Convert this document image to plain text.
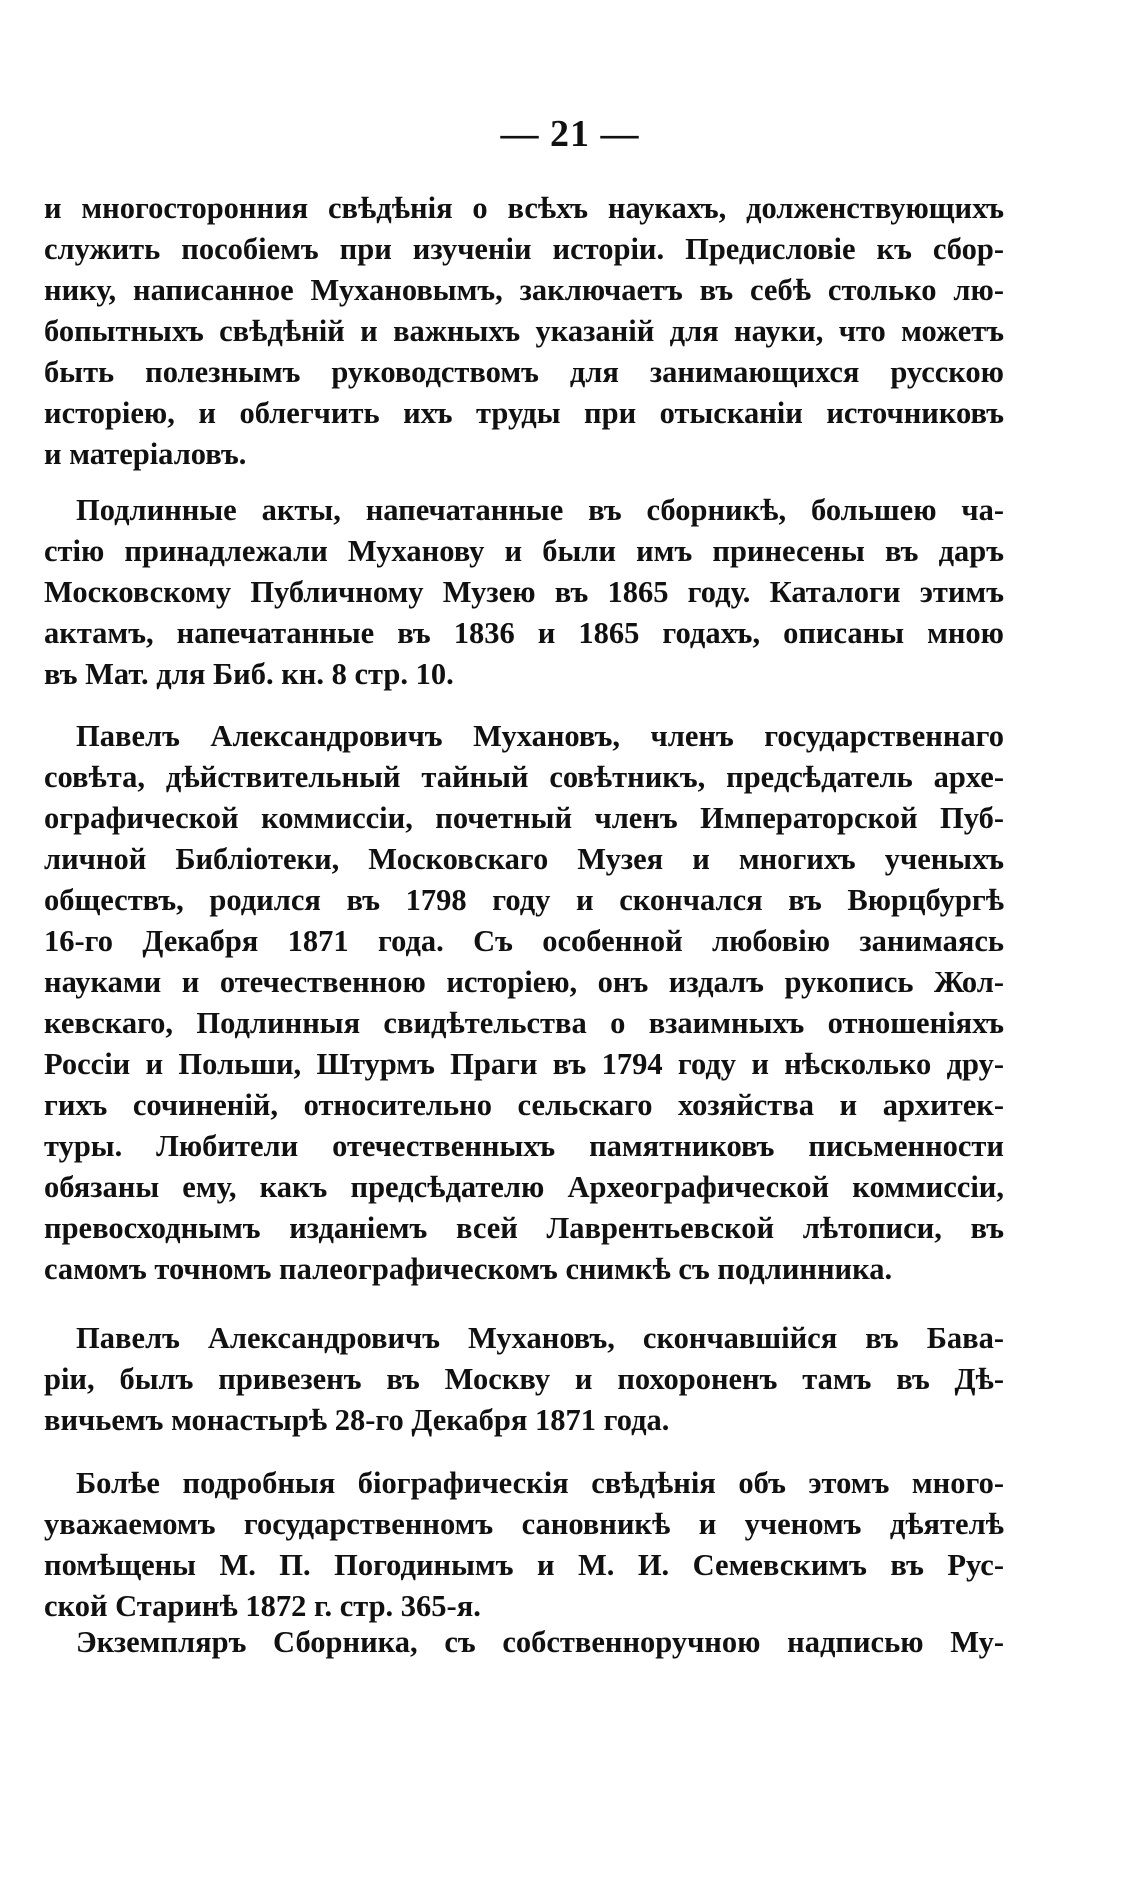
— 21 —
и многосторонния свѣдѣнія о всѣхъ наукахъ, долженствующихъ
служить пособіемъ при изученіи исторіи. Предисловіе къ сбор-
нику, написанное Мухановымъ, заключаетъ въ себѣ столько лю-
бопытныхъ свѣдѣній и важныхъ указаній для науки, что можетъ
быть полезнымъ руководствомъ для занимающихся русскою
исторіею, и облегчить ихъ труды при отысканіи источниковъ
и матеріаловъ.
Подлинные акты, напечатанные въ сборникѣ, большею ча-
стію принадлежали Муханову и были имъ принесены въ даръ
Московскому Публичному Музею въ 1865 году. Каталоги этимъ
актамъ, напечатанные въ 1836 и 1865 годахъ, описаны мною
въ Мат. для Биб. кн. 8 стр. 10.
Павелъ Александровичъ Мухановъ, членъ государственнаго
совѣта, дѣйствительный тайный совѣтникъ, предсѣдатель архе-
ографической коммиссіи, почетный членъ Императорской Пуб-
личной Библіотеки, Московскаго Музея и многихъ ученыхъ
обществъ, родился въ 1798 году и скончался въ Вюрцбургѣ
16-го Декабря 1871 года. Съ особенной любовію занимаясь
науками и отечественною исторіею, онъ издалъ рукопись Жол-
кевскаго, Подлинныя свидѣтельства о взаимныхъ отношеніяхъ
Россіи и Польши, Штурмъ Праги въ 1794 году и нѣсколько дру-
гихъ сочиненій, относительно сельскаго хозяйства и архитек-
туры. Любители отечественныхъ памятниковъ письменности
обязаны ему, какъ предсѣдателю Археографической коммиссіи,
превосходнымъ изданіемъ всей Лаврентьевской лѣтописи, въ
самомъ точномъ палеографическомъ снимкѣ съ подлинника.
Павелъ Александровичъ Мухановъ, скончавшійся въ Бава-
ріи, былъ привезенъ въ Москву и похороненъ тамъ въ Дѣ-
вичьемъ монастырѣ 28-го Декабря 1871 года.
Болѣе подробныя біографическія свѣдѣнія объ этомъ много-
уважаемомъ государственномъ сановникѣ и ученомъ дѣятелѣ
помѣщены М. П. Погодинымъ и М. И. Семевскимъ въ Рус-
ской Старинѣ 1872 г. стр. 365-я.
Экземпляръ Сборника, съ собственноручною надписью Му-
